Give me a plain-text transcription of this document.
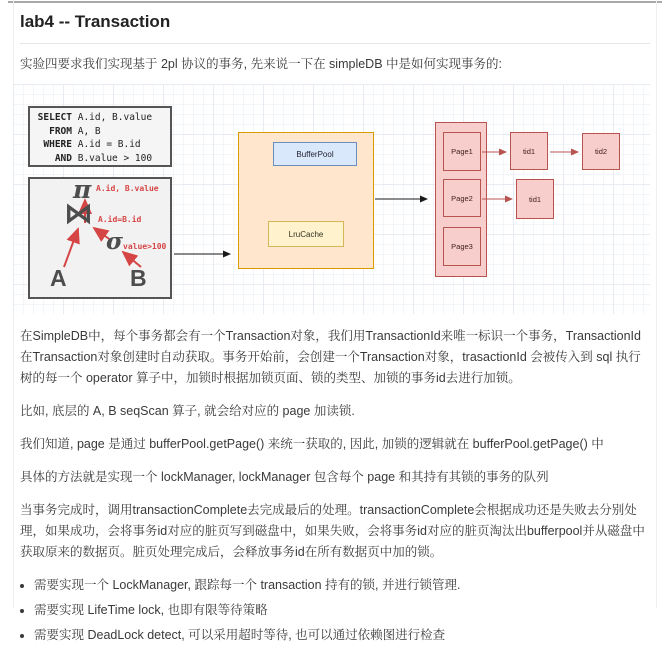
lab4 -- Transaction

实验四要求我们实现基于 2pl 协议的事务, 先来说一下在 simpleDB 中是如何实现事务的:

SELECT A.id, B.value
FROM A, B
WHERE A.id = B.id
AND B.value > 100
π A.id, B.value
⋈ A.id=B.id
σ value>100
A	B
BufferPool
LruCache
Page1
Page2
Page3
tid1	tid2
tid1

在SimpleDB中，每个事务都会有一个Transaction对象，我们用TransactionId来唯一标识一个事务，TransactionId在Transaction对象创建时自动获取。事务开始前，会创建一个Transaction对象，trasactionId 会被传入到 sql 执行树的每一个 operator 算子中，加锁时根据加锁页面、锁的类型、加锁的事务id去进行加锁。

比如, 底层的 A, B seqScan 算子, 就会给对应的 page 加读锁.

我们知道, page 是通过 bufferPool.getPage() 来统一获取的, 因此, 加锁的逻辑就在 bufferPool.getPage() 中

具体的方法就是实现一个 lockManager, lockManager 包含每个 page 和其持有其锁的事务的队列

当事务完成时，调用transactionComplete去完成最后的处理。transactionComplete会根据成功还是失败去分别处理，如果成功，会将事务id对应的脏页写到磁盘中，如果失败，会将事务id对应的脏页淘汰出bufferpool并从磁盘中获取原来的数据页。脏页处理完成后，会释放事务id在所有数据页中加的锁。

• 需要实现一个 LockManager, 跟踪每一个 transaction 持有的锁, 并进行锁管理.
• 需要实现 LifeTime lock, 也即有限等待策略
• 需要实现 DeadLock detect, 可以采用超时等待, 也可以通过依赖图进行检查
